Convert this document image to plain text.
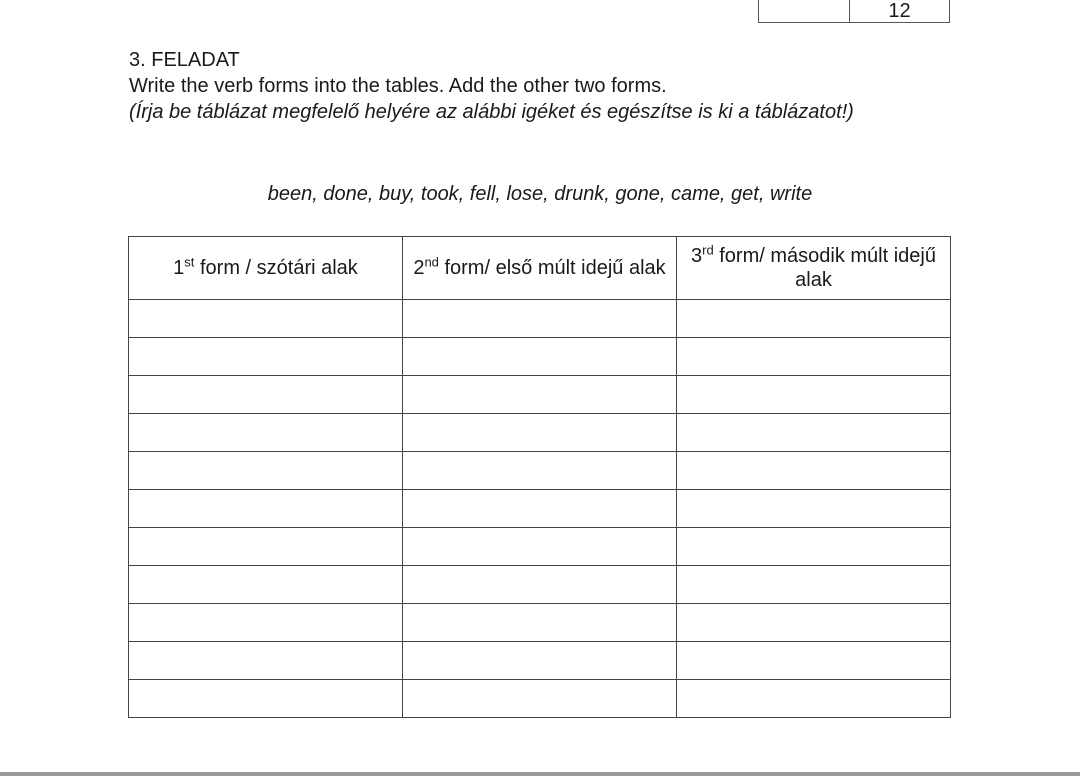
12
3. FELADAT
Write the verb forms into the tables. Add the other two forms.
(Írja be táblázat megfelelő helyére az alábbi igéket és egészítse is ki a táblázatot!)
been, done, buy, took, fell, lose, drunk, gone, came, get, write
1st form / szótári alak	2nd form/ első múlt idejű alak	3rd form/ második múlt idejű alak
